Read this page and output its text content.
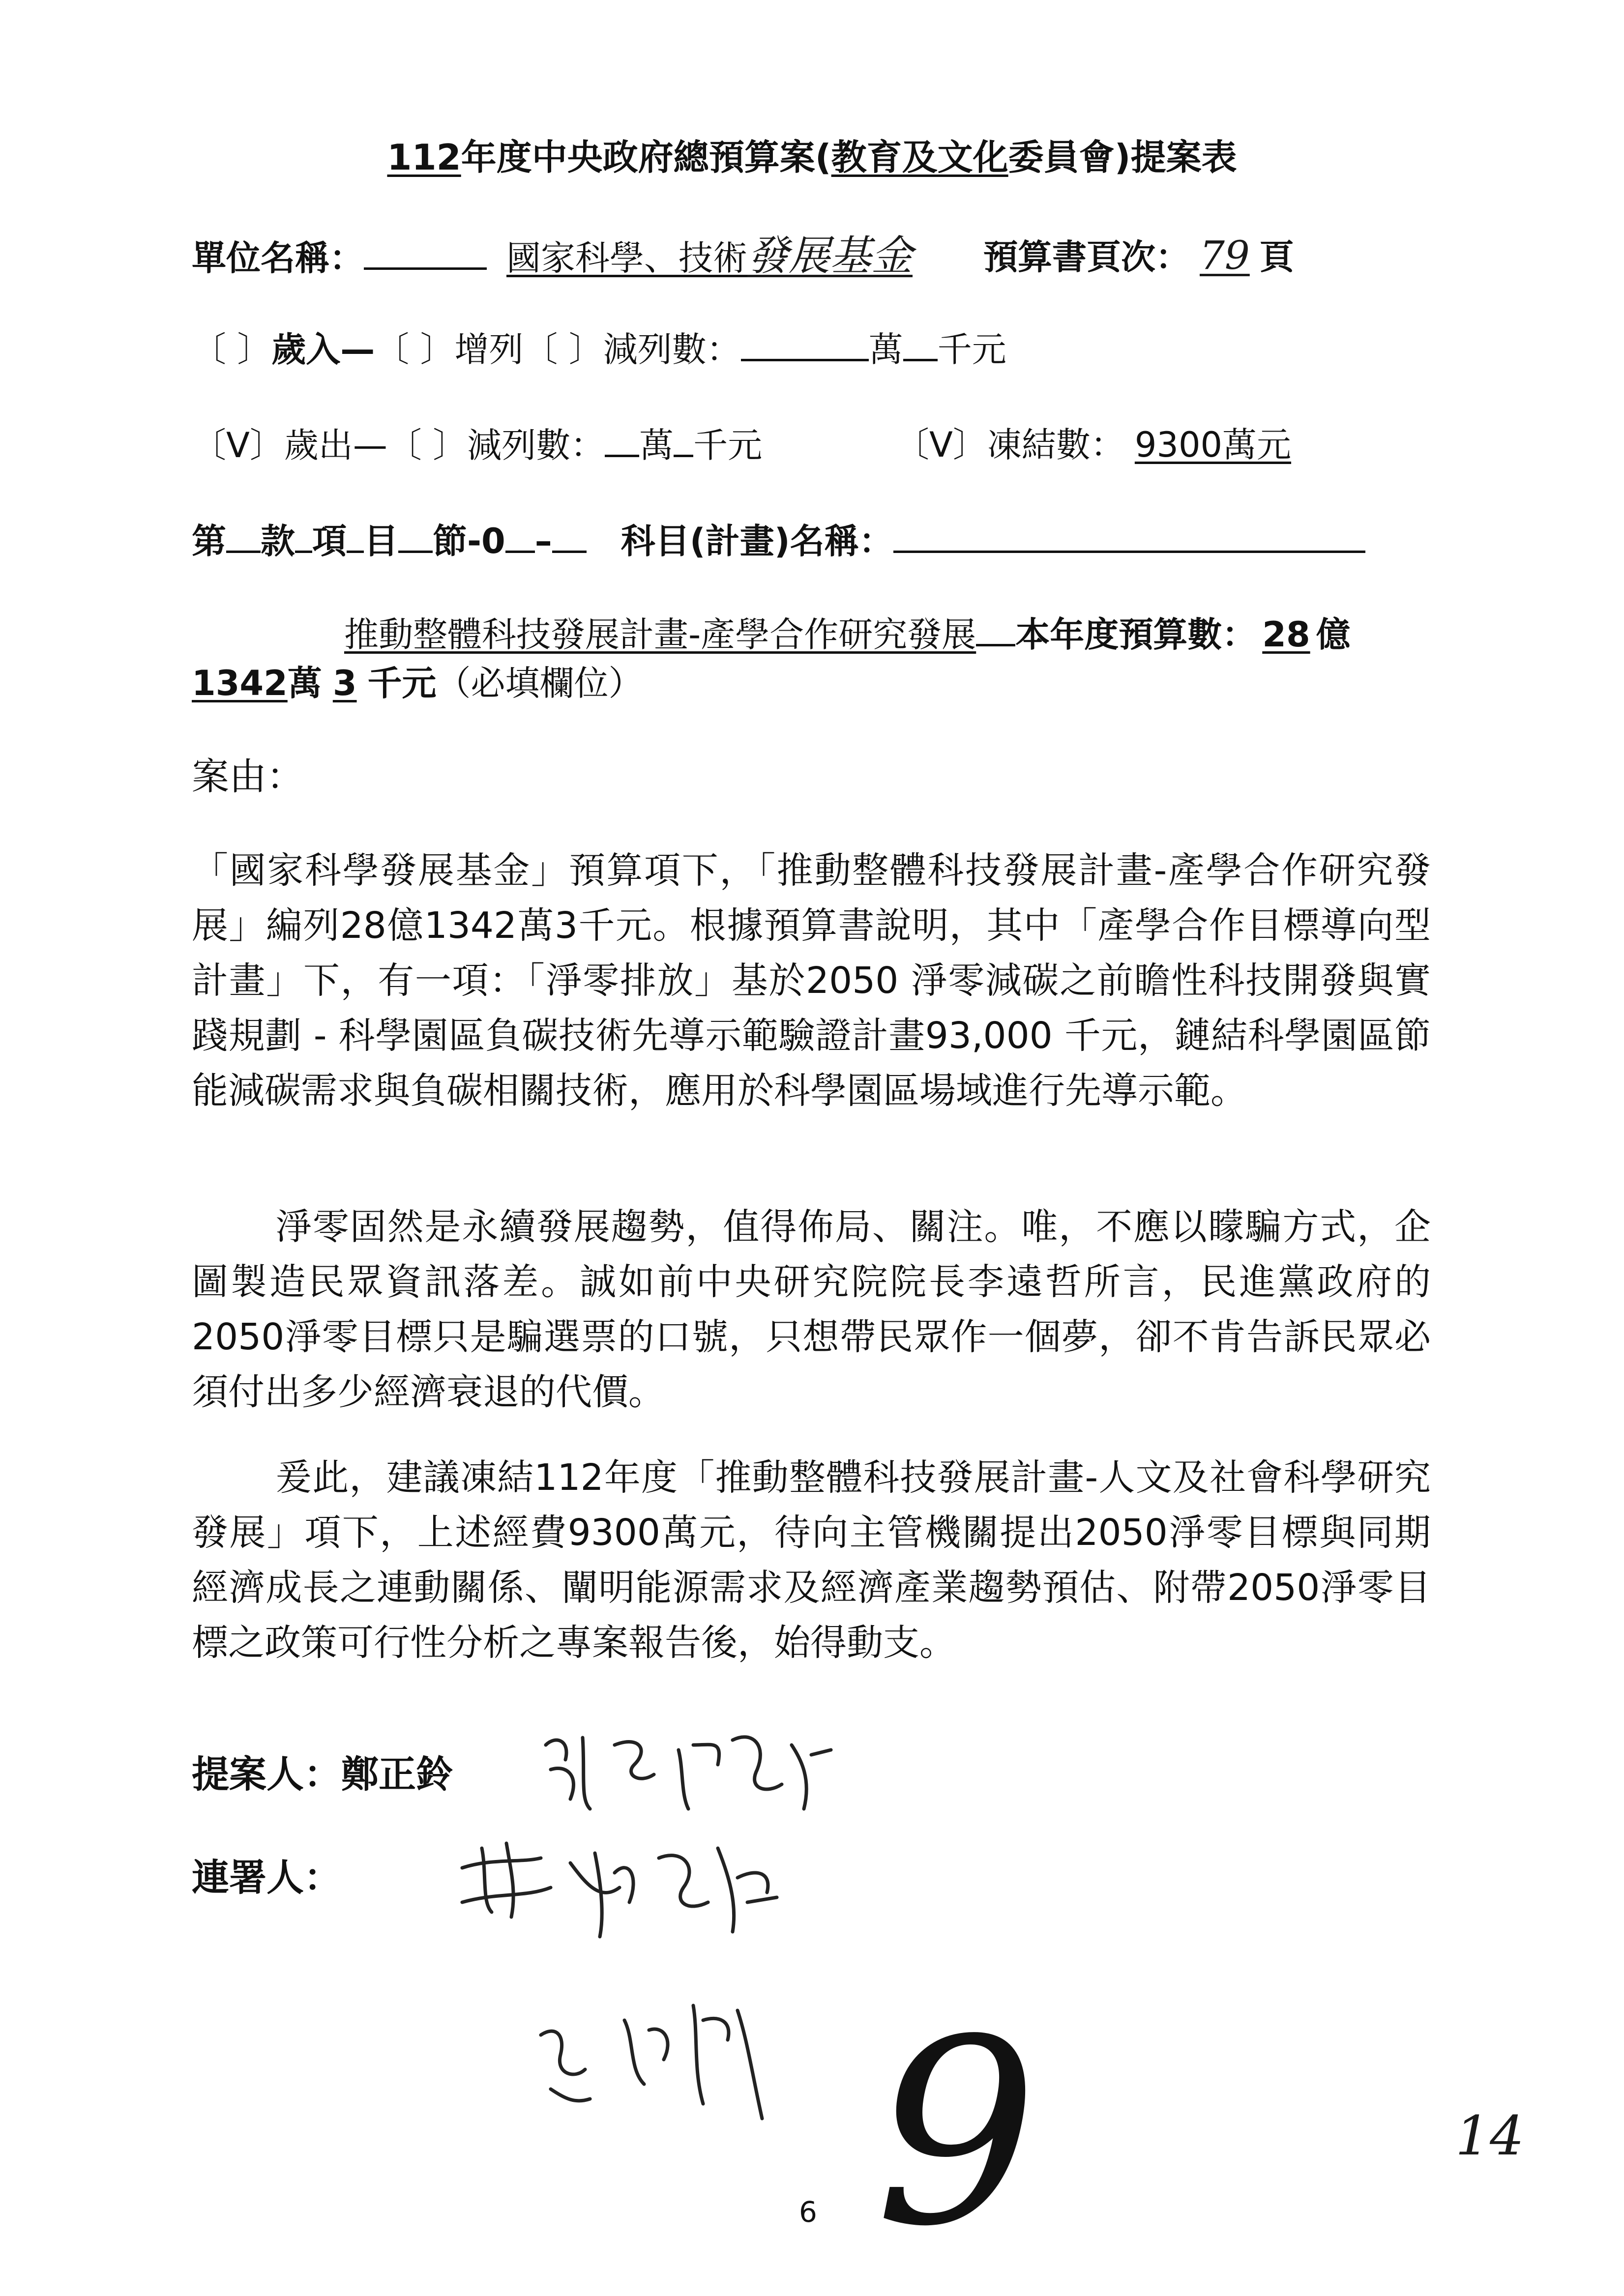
112年度中央政府總預算案(教育及文化委員會)提案表
單位名稱：	國家科學、技術發展基金 預算書頁次： 79 頁
〔 〕歲入—〔 〕增列〔 〕減列數：	萬 千元
〔V〕歲出—〔 〕減列數： 萬 千元	〔V〕凍結數： 9300萬元
第 款 項 目 節-0 – 科目(計畫)名稱：
推動整體科技發展計畫-產學合作研究發展 本年度預算數： 28 億
1342萬 3 千元（必填欄位）
案由：
「國家科學發展基金」預算項下，「推動整體科技發展計畫-產學合作研究發展」編列28億1342萬3千元。根據預算書說明，其中「產學合作目標導向型計畫」下，有一項：「淨零排放」基於2050 淨零減碳之前瞻性科技開發與實踐規劃 - 科學園區負碳技術先導示範驗證計畫93,000 千元，鏈結科學園區節能減碳需求與負碳相關技術，應用於科學園區場域進行先導示範。
淨零固然是永續發展趨勢，值得佈局、關注。唯，不應以矇騙方式，企圖製造民眾資訊落差。誠如前中央研究院院長李遠哲所言，民進黨政府的2050淨零目標只是騙選票的口號，只想帶民眾作一個夢，卻不肯告訴民眾必須付出多少經濟衰退的代價。
爰此，建議凍結112年度「推動整體科技發展計畫-人文及社會科學研究發展」項下，上述經費9300萬元，待向主管機關提出2050淨零目標與同期經濟成長之連動關係、闡明能源需求及經濟產業趨勢預估、附帶2050淨零目標之政策可行性分析之專案報告後，始得動支。
提案人：鄭正鈴
連署人：
9
6
14
